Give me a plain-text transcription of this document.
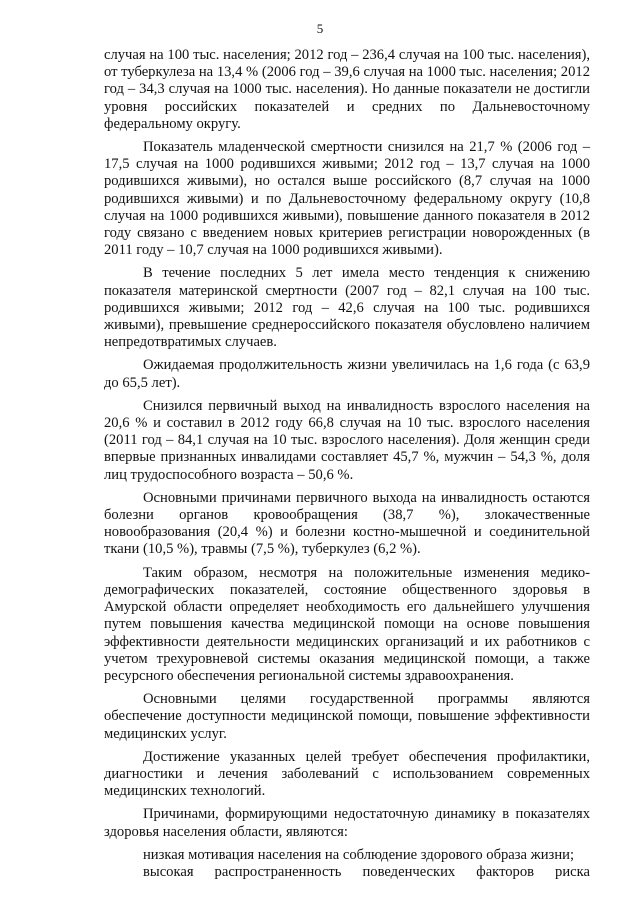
5

случая на 100 тыс. населения; 2012 год – 236,4 случая на 100 тыс. населения), от туберкулеза на 13,4 % (2006 год – 39,6 случая на 1000 тыс. населения; 2012 год – 34,3 случая на 1000 тыс. населения). Но данные показатели не достигли уровня российских показателей и средних по Дальневосточному федеральному округу.

Показатель младенческой смертности снизился на 21,7 % (2006 год – 17,5 случая на 1000 родившихся живыми; 2012 год – 13,7 случая на 1000 родившихся живыми), но остался выше российского (8,7 случая на 1000 родившихся живыми) и по Дальневосточному федеральному округу (10,8 случая на 1000 родившихся живыми), повышение данного показателя в 2012 году связано с введением новых критериев регистрации новорожденных (в 2011 году – 10,7 случая на 1000 родившихся живыми).

В течение последних 5 лет имела место тенденция к снижению показателя материнской смертности (2007 год – 82,1 случая на 100 тыс. родившихся живыми; 2012 год – 42,6 случая на 100 тыс. родившихся живыми), превышение среднероссийского показателя обусловлено наличием непредотвратимых случаев.

Ожидаемая продолжительность жизни увеличилась на 1,6 года (с 63,9 до 65,5 лет).

Снизился первичный выход на инвалидность взрослого населения на 20,6 % и составил в 2012 году 66,8 случая на 10 тыс. взрослого населения (2011 год – 84,1 случая на 10 тыс. взрослого населения). Доля женщин среди впервые признанных инвалидами составляет 45,7 %, мужчин – 54,3 %, доля лиц трудоспособного возраста – 50,6 %.

Основными причинами первичного выхода на инвалидность остаются болезни органов кровообращения (38,7 %), злокачественные новообразования (20,4 %) и болезни костно-мышечной и соединительной ткани (10,5 %), травмы (7,5 %), туберкулез (6,2 %).

Таким образом, несмотря на положительные изменения медико-демографических показателей, состояние общественного здоровья в Амурской области определяет необходимость его дальнейшего улучшения путем повышения качества медицинской помощи на основе повышения эффективности деятельности медицинских организаций и их работников с учетом трехуровневой системы оказания медицинской помощи, а также ресурсного обеспечения региональной системы здравоохранения.

Основными целями государственной программы являются обеспечение доступности медицинской помощи, повышение эффективности медицинских услуг.

Достижение указанных целей требует обеспечения профилактики, диагностики и лечения заболеваний с использованием современных медицинских технологий.

Причинами, формирующими недостаточную динамику в показателях здоровья населения области, являются:

низкая мотивация населения на соблюдение здорового образа жизни;

высокая распространенность поведенческих факторов риска
